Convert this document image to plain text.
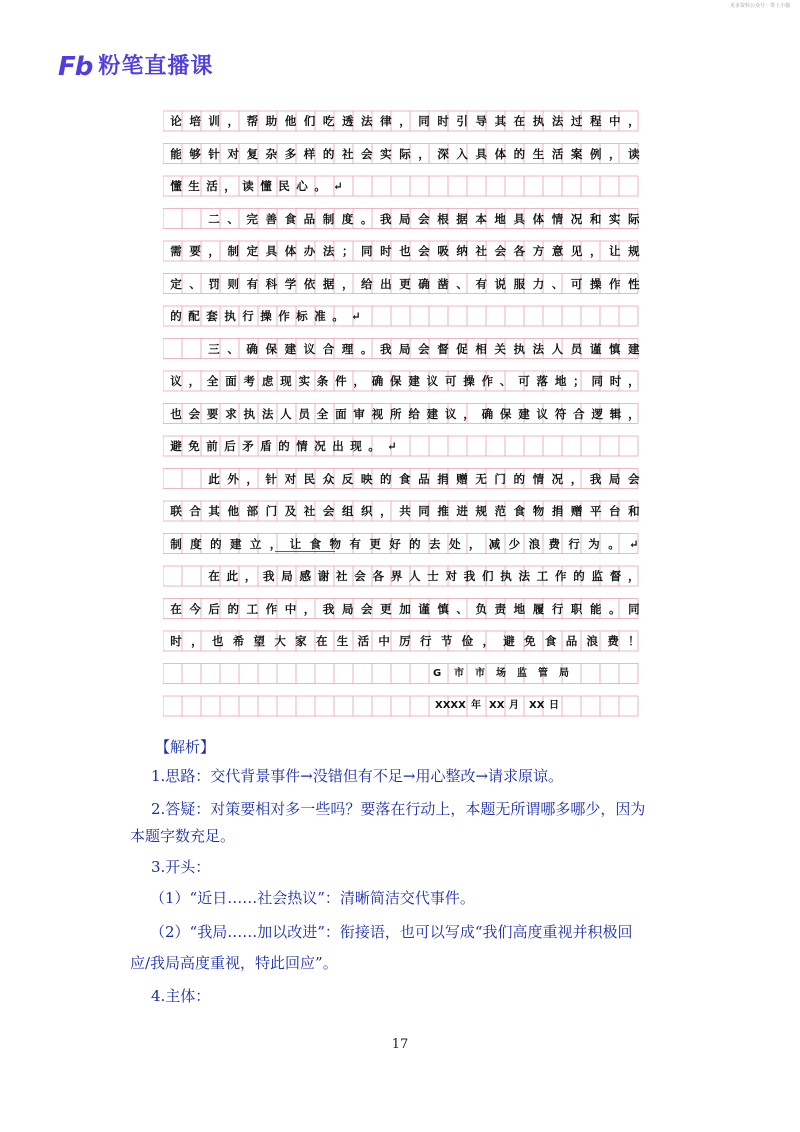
更多资料公众号：带上小猫
Fb 粉笔直播课
论 培 训 ， 帮 助 他 们 吃 透 法 律 ， 同 时 引 导 其 在 执 法 过 程 中 ，
能 够 针 对 复 杂 多 样 的 社 会 实 际 ， 深 入 具 体 的 生 活 案 例 ， 读
懂 生 活 ， 读 懂 民 心 。 ↵
二 、 完 善 食 品 制 度 。 我 局 会 根 据 本 地 具 体 情 况 和 实 际
需 要 ， 制 定 具 体 办 法 ； 同 时 也 会 吸 纳 社 会 各 方 意 见 ， 让 规
定 、 罚 则 有 科 学 依 据 ， 给 出 更 确 凿 、 有 说 服 力 、 可 操 作 性
的 配 套 执 行 操 作 标 准 。 ↵
三 、 确 保 建 议 合 理 。 我 局 会 督 促 相 关 执 法 人 员 谨 慎 建
议 ， 全 面 考 虑 现 实 条 件 ， 确 保 建 议 可 操 作 、 可 落 地 ； 同 时 ，
也 会 要 求 执 法 人 员 全 面 审 视 所 给 建 议 ， 确 保 建 议 符 合 逻 辑 ，
避 免 前 后 矛 盾 的 情 况 出 现 。 ↵
此 外 ， 针 对 民 众 反 映 的 食 品 捐 赠 无 门 的 情 况 ， 我 局 会
联 合 其 他 部 门 及 社 会 组 织 ， 共 同 推 进 规 范 食 物 捐 赠 平 台 和
制 度 的 建 立 ， 让 食 物 有 更 好 的 去 处 ， 减 少 浪 费 行 为 。 ↵
在 此 ， 我 局 感 谢 社 会 各 界 人 士 对 我 们 执 法 工 作 的 监 督 ，
在 今 后 的 工 作 中 ， 我 局 会 更 加 谨 慎 、 负 责 地 履 行 职 能 。 同
时 ， 也 希 望 大 家 在 生 活 中 厉 行 节 俭 ， 避 免 食 品 浪 费 ！
G 市 市 场 监 管 局
XXXX 年 XX 月 XX 日
【解析】
1.思路：交代背景事件→没错但有不足→用心整改→请求原谅。
2.答疑：对策要相对多一些吗？要落在行动上，本题无所谓哪多哪少，因为
本题字数充足。
3.开头：
（1）“近日……社会热议”：清晰简洁交代事件。
（2）“我局……加以改进”：衔接语，也可以写成“我们高度重视并积极回
应/我局高度重视，特此回应”。
4.主体：
17
